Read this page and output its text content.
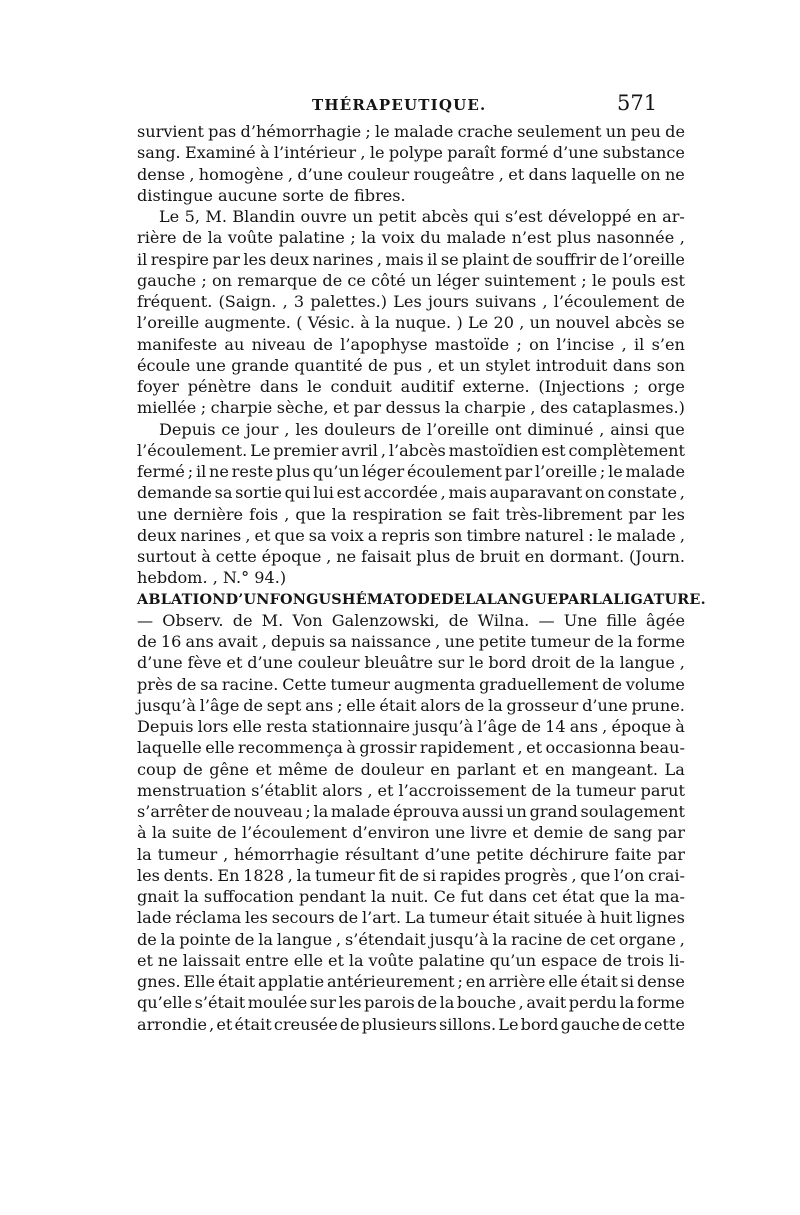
THÉRAPEUTIQUE.	571
survient pas d’hémorrhagie ; le malade crache seulement un peu de
sang. Examiné à l’intérieur , le polype paraît formé d’une substance
dense , homogène , d’une couleur rougeâtre , et dans laquelle on ne
distingue aucune sorte de fibres.
Le 5, M. Blandin ouvre un petit abcès qui s’est développé en ar-
rière de la voûte palatine ; la voix du malade n’est plus nasonnée ,
il respire par les deux narines , mais il se plaint de souffrir de l’oreille
gauche ; on remarque de ce côté un léger suintement ; le pouls est
fréquent. (Saign. , 3 palettes.) Les jours suivans , l’écoulement de
l’oreille augmente. ( Vésic. à la nuque. ) Le 20 , un nouvel abcès se
manifeste au niveau de l’apophyse mastoïde ; on l’incise , il s’en
écoule une grande quantité de pus , et un stylet introduit dans son
foyer pénètre dans le conduit auditif externe. (Injections ; orge
miellée ; charpie sèche, et par dessus la charpie , des cataplasmes.)
Depuis ce jour , les douleurs de l’oreille ont diminué , ainsi que
l’écoulement. Le premier avril , l’abcès mastoïdien est complètement
fermé ; il ne reste plus qu’un léger écoulement par l’oreille ; le malade
demande sa sortie qui lui est accordée , mais auparavant on constate ,
une dernière fois , que la respiration se fait très-librement par les
deux narines , et que sa voix a repris son timbre naturel : le malade ,
surtout à cette époque , ne faisait plus de bruit en dormant. (Journ.
hebdom. , N.° 94.)
ABLATION D’UN FONGUS HÉMATODE DE LA LANGUE PAR LA LIGATURE.
— Observ. de M. Von Galenzowski, de Wilna. — Une fille âgée
de 16 ans avait , depuis sa naissance , une petite tumeur de la forme
d’une fève et d’une couleur bleuâtre sur le bord droit de la langue ,
près de sa racine. Cette tumeur augmenta graduellement de volume
jusqu’à l’âge de sept ans ; elle était alors de la grosseur d’une prune.
Depuis lors elle resta stationnaire jusqu’à l’âge de 14 ans , époque à
laquelle elle recommença à grossir rapidement , et occasionna beau-
coup de gêne et même de douleur en parlant et en mangeant. La
menstruation s’établit alors , et l’accroissement de la tumeur parut
s’arrêter de nouveau ; la malade éprouva aussi un grand soulagement
à la suite de l’écoulement d’environ une livre et demie de sang par
la tumeur , hémorrhagie résultant d’une petite déchirure faite par
les dents. En 1828 , la tumeur fit de si rapides progrès , que l’on crai-
gnait la suffocation pendant la nuit. Ce fut dans cet état que la ma-
lade réclama les secours de l’art. La tumeur était située à huit lignes
de la pointe de la langue , s’étendait jusqu’à la racine de cet organe ,
et ne laissait entre elle et la voûte palatine qu’un espace de trois li-
gnes. Elle était applatie antérieurement ; en arrière elle était si dense
qu’elle s’était moulée sur les parois de la bouche , avait perdu la forme
arrondie , et était creusée de plusieurs sillons. Le bord gauche de cette
